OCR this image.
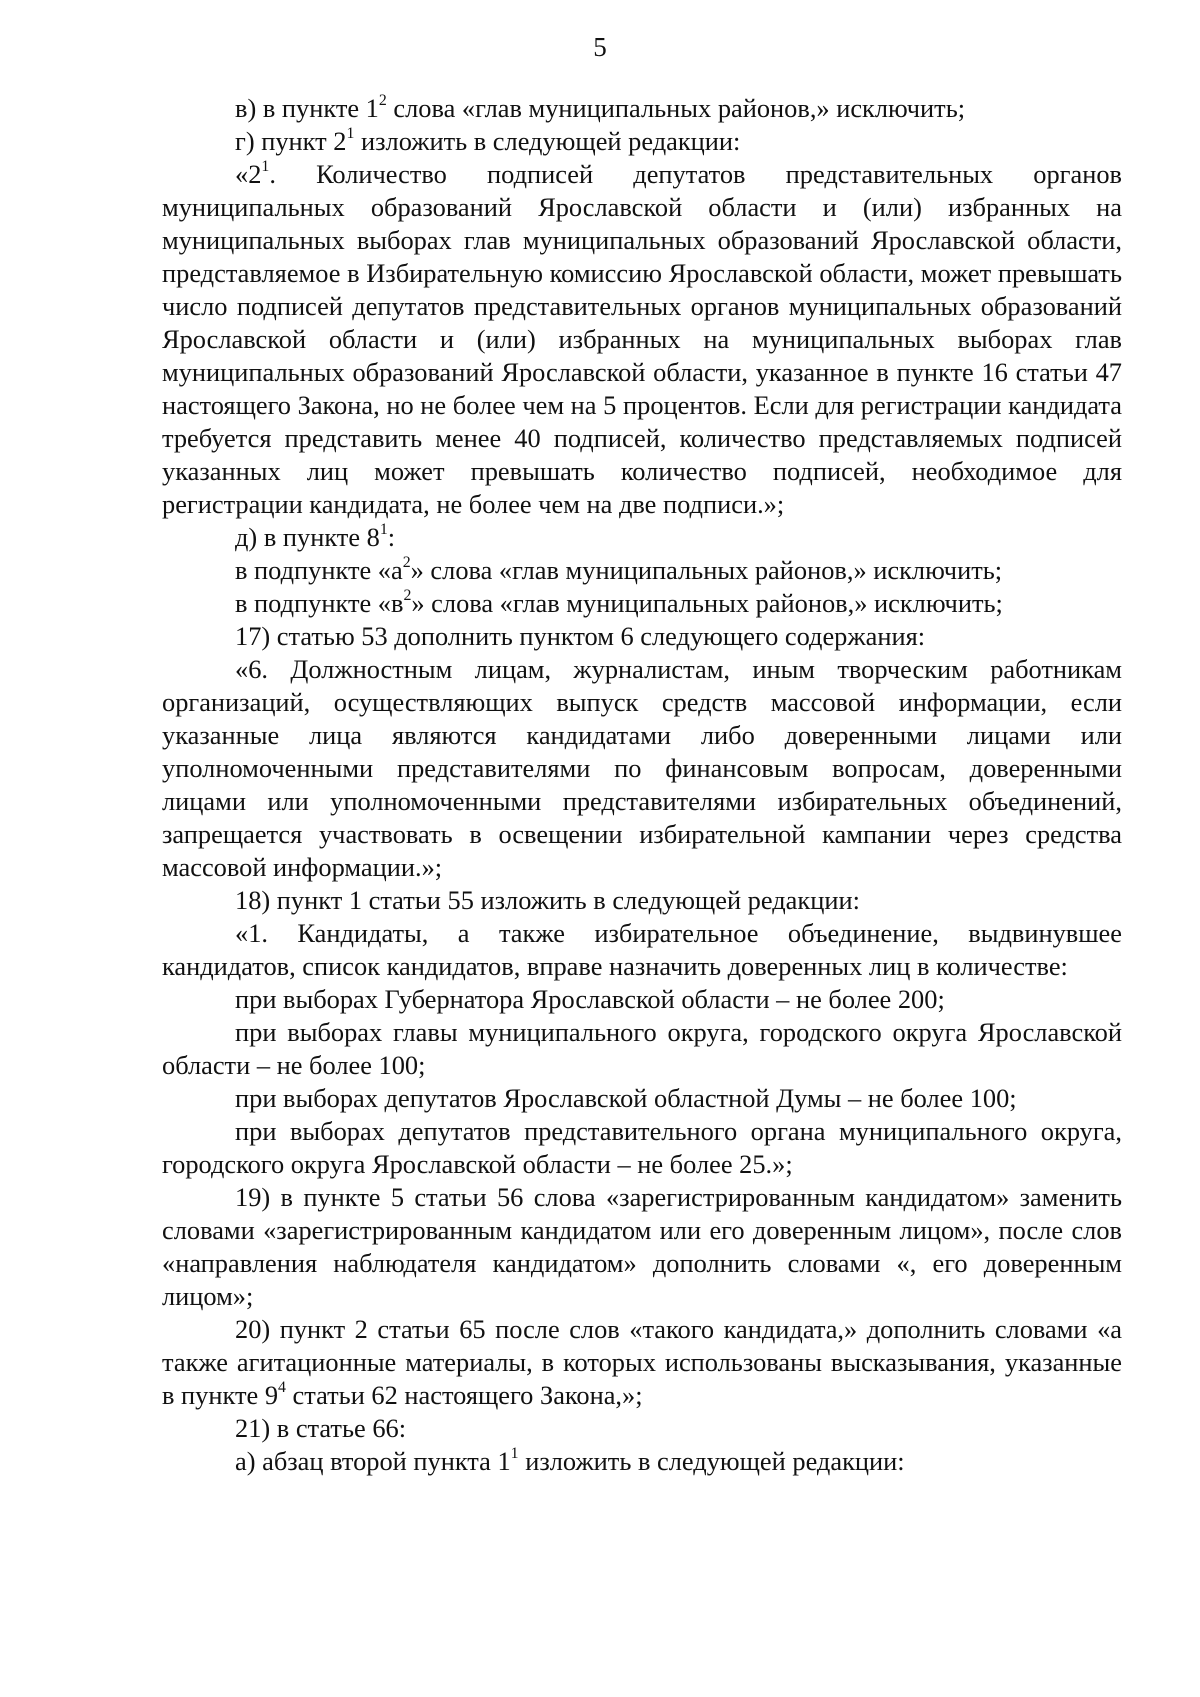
5

в) в пункте $1^2$ слова «глав муниципальных районов,» исключить;

г) пункт $2^1$ изложить в следующей редакции:

«$2^1$. Количество подписей депутатов представительных органов муниципальных образований Ярославской области и (или) избранных на муниципальных выборах глав муниципальных образований Ярославской области, представляемое в Избирательную комиссию Ярославской области, может превышать число подписей депутатов представительных органов муниципальных образований Ярославской области и (или) избранных на муниципальных выборах глав муниципальных образований Ярославской области, указанное в пункте 16 статьи 47 настоящего Закона, но не более чем на 5 процентов. Если для регистрации кандидата требуется представить менее 40 подписей, количество представляемых подписей указанных лиц может превышать количество подписей, необходимое для регистрации кандидата, не более чем на две подписи.»;

д) в пункте $8^1$:

в подпункте «$а^2$» слова «глав муниципальных районов,» исключить;

в подпункте «$в^2$» слова «глав муниципальных районов,» исключить;

17) статью 53 дополнить пунктом 6 следующего содержания:

«6. Должностным лицам, журналистам, иным творческим работникам организаций, осуществляющих выпуск средств массовой информации, если указанные лица являются кандидатами либо доверенными лицами или уполномоченными представителями по финансовым вопросам, доверенными лицами или уполномоченными представителями избирательных объединений, запрещается участвовать в освещении избирательной кампании через средства массовой информации.»;

18) пункт 1 статьи 55 изложить в следующей редакции:

«1. Кандидаты, а также избирательное объединение, выдвинувшее кандидатов, список кандидатов, вправе назначить доверенных лиц в количестве:

при выборах Губернатора Ярославской области – не более 200;

при выборах главы муниципального округа, городского округа Ярославской области – не более 100;

при выборах депутатов Ярославской областной Думы – не более 100;

при выборах депутатов представительного органа муниципального округа, городского округа Ярославской области – не более 25.»;

19) в пункте 5 статьи 56 слова «зарегистрированным кандидатом» заменить словами «зарегистрированным кандидатом или его доверенным лицом», после слов «направления наблюдателя кандидатом» дополнить словами «, его доверенным лицом»;

20) пункт 2 статьи 65 после слов «такого кандидата,» дополнить словами «а также агитационные материалы, в которых использованы высказывания, указанные в пункте $9^4$ статьи 62 настоящего Закона,»;

21) в статье 66:

а) абзац второй пункта $1^1$ изложить в следующей редакции:
